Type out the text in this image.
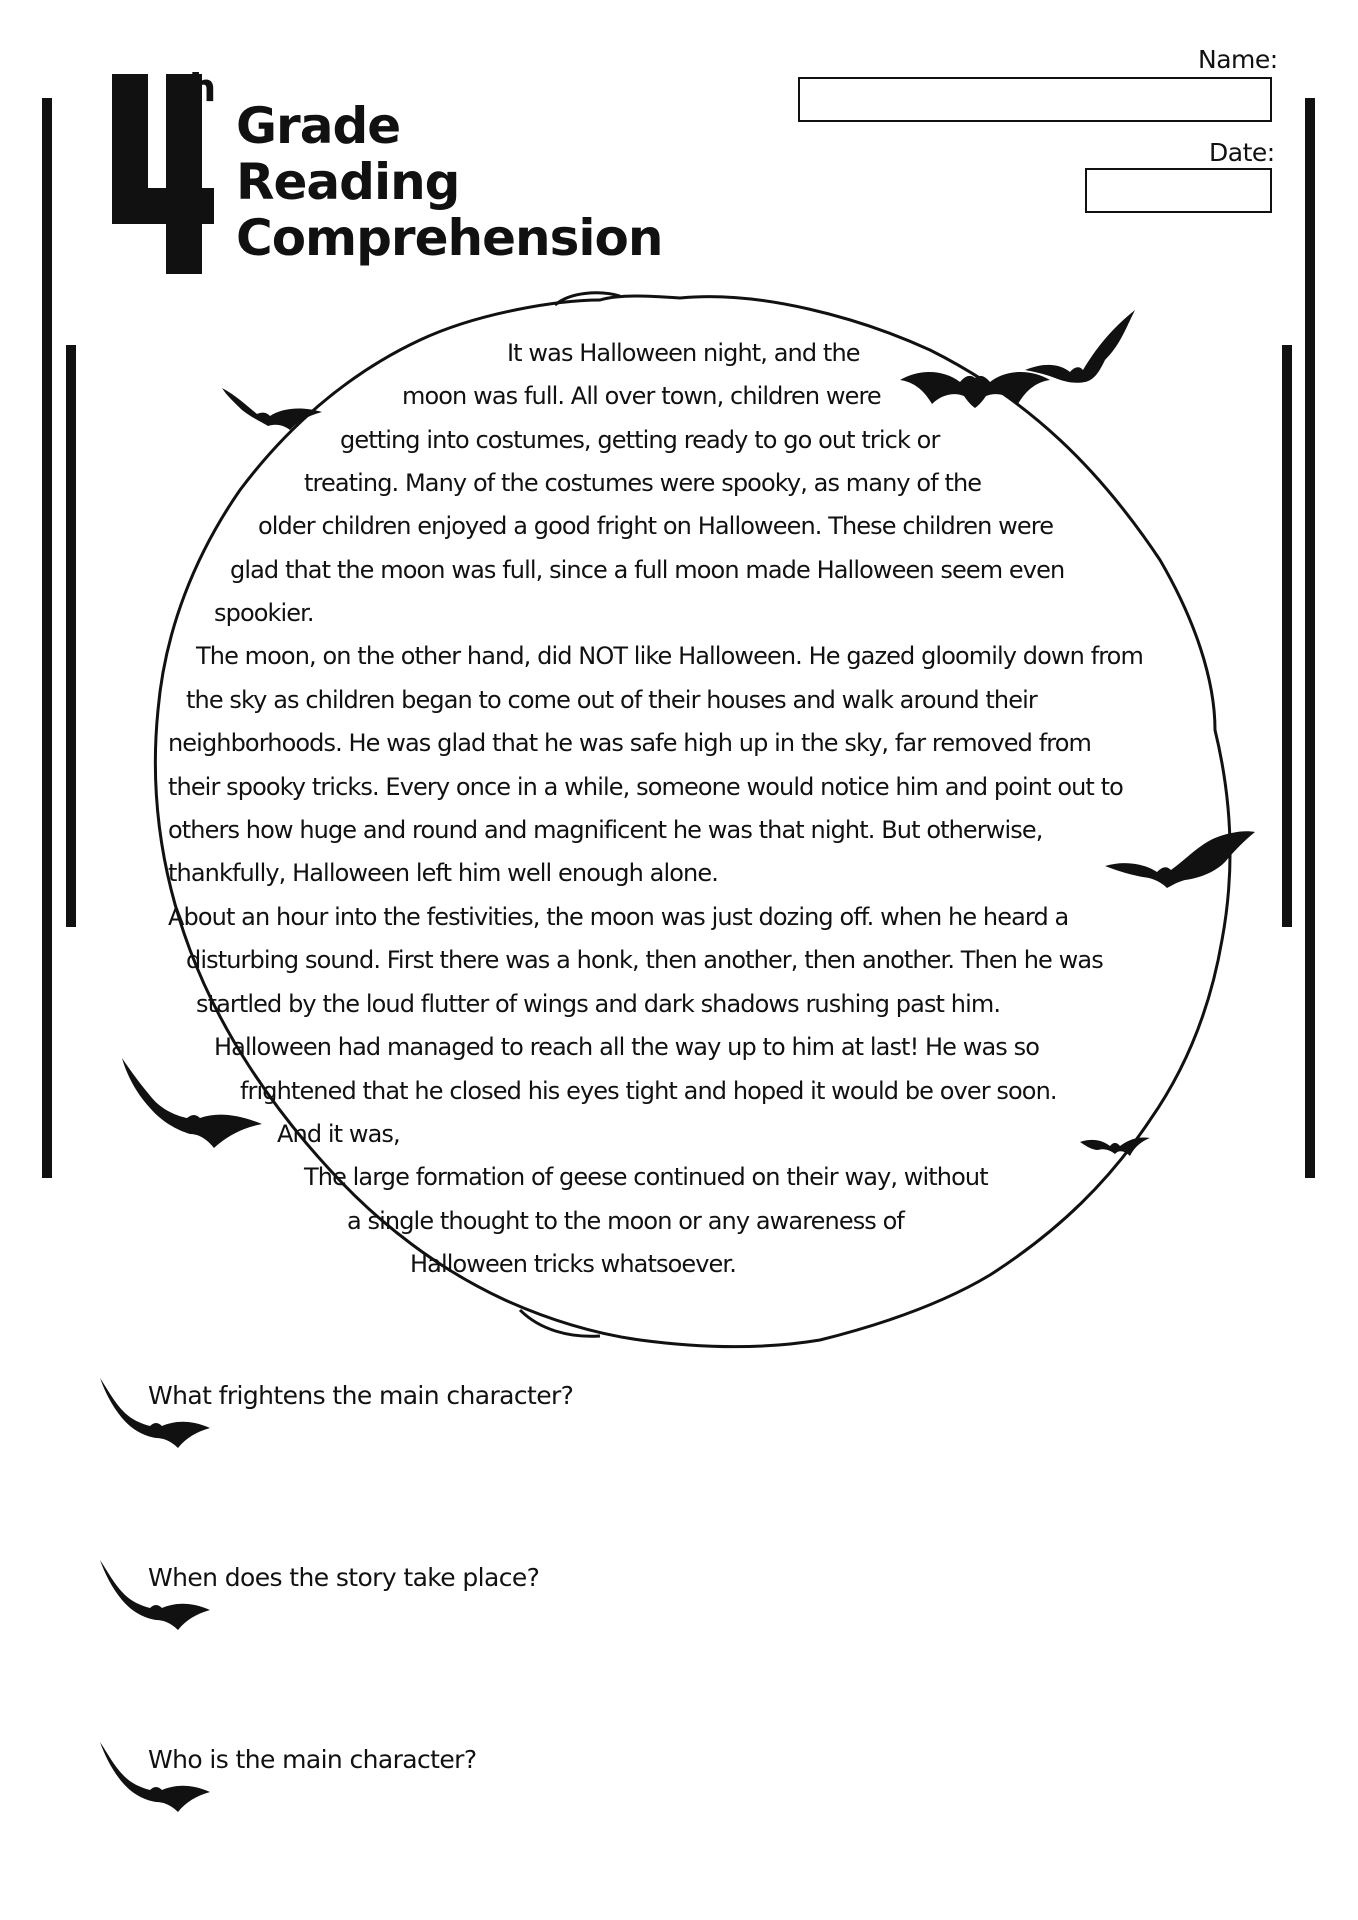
th
Grade
Reading
Comprehension
Name:
Date:
It was Halloween night, and the
moon was full. All over town, children were
getting into costumes, getting ready to go out trick or
treating. Many of the costumes were spooky, as many of the
older children enjoyed a good fright on Halloween. These children were
glad that the moon was full, since a full moon made Halloween seem even
spookier.
The moon, on the other hand, did NOT like Halloween. He gazed gloomily down from
the sky as children began to come out of their houses and walk around their
neighborhoods. He was glad that he was safe high up in the sky, far removed from
their spooky tricks. Every once in a while, someone would notice him and point out to
others how huge and round and magnificent he was that night. But otherwise,
thankfully, Halloween left him well enough alone.
About an hour into the festivities, the moon was just dozing off. when he heard a
disturbing sound. First there was a honk, then another, then another. Then he was
startled by the loud flutter of wings and dark shadows rushing past him.
Halloween had managed to reach all the way up to him at last! He was so
frightened that he closed his eyes tight and hoped it would be over soon.
And it was,
The large formation of geese continued on their way, without
a single thought to the moon or any awareness of
Halloween tricks whatsoever.
What frightens the main character?
When does the story take place?
Who is the main character?
